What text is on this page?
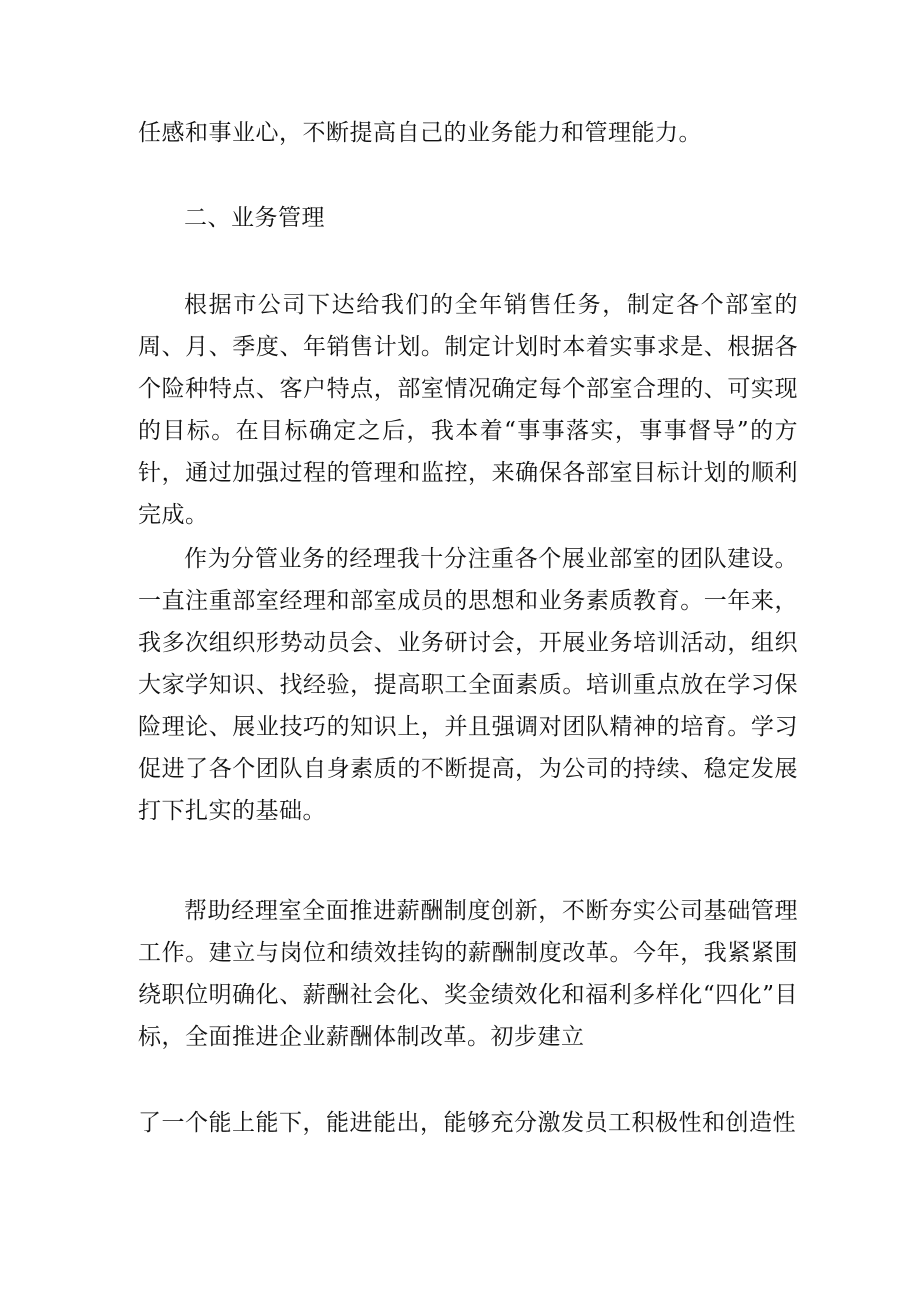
任感和事业心，不断提高自己的业务能力和管理能力。

二、业务管理

根据市公司下达给我们的全年销售任务，制定各个部室的周、月、季度、年销售计划。制定计划时本着实事求是、根据各个险种特点、客户特点，部室情况确定每个部室合理的、可实现的目标。在目标确定之后，我本着“事事落实，事事督导”的方针，通过加强过程的管理和监控，来确保各部室目标计划的顺利完成。

作为分管业务的经理我十分注重各个展业部室的团队建设。一直注重部室经理和部室成员的思想和业务素质教育。一年来，我多次组织形势动员会、业务研讨会，开展业务培训活动，组织大家学知识、找经验，提高职工全面素质。培训重点放在学习保险理论、展业技巧的知识上，并且强调对团队精神的培育。学习促进了各个团队自身素质的不断提高，为公司的持续、稳定发展打下扎实的基础。

帮助经理室全面推进薪酬制度创新，不断夯实公司基础管理工作。建立与岗位和绩效挂钩的薪酬制度改革。今年，我紧紧围绕职位明确化、薪酬社会化、奖金绩效化和福利多样化“四化”目标，全面推进企业薪酬体制改革。初步建立

了一个能上能下，能进能出，能够充分激发员工积极性和创造性
